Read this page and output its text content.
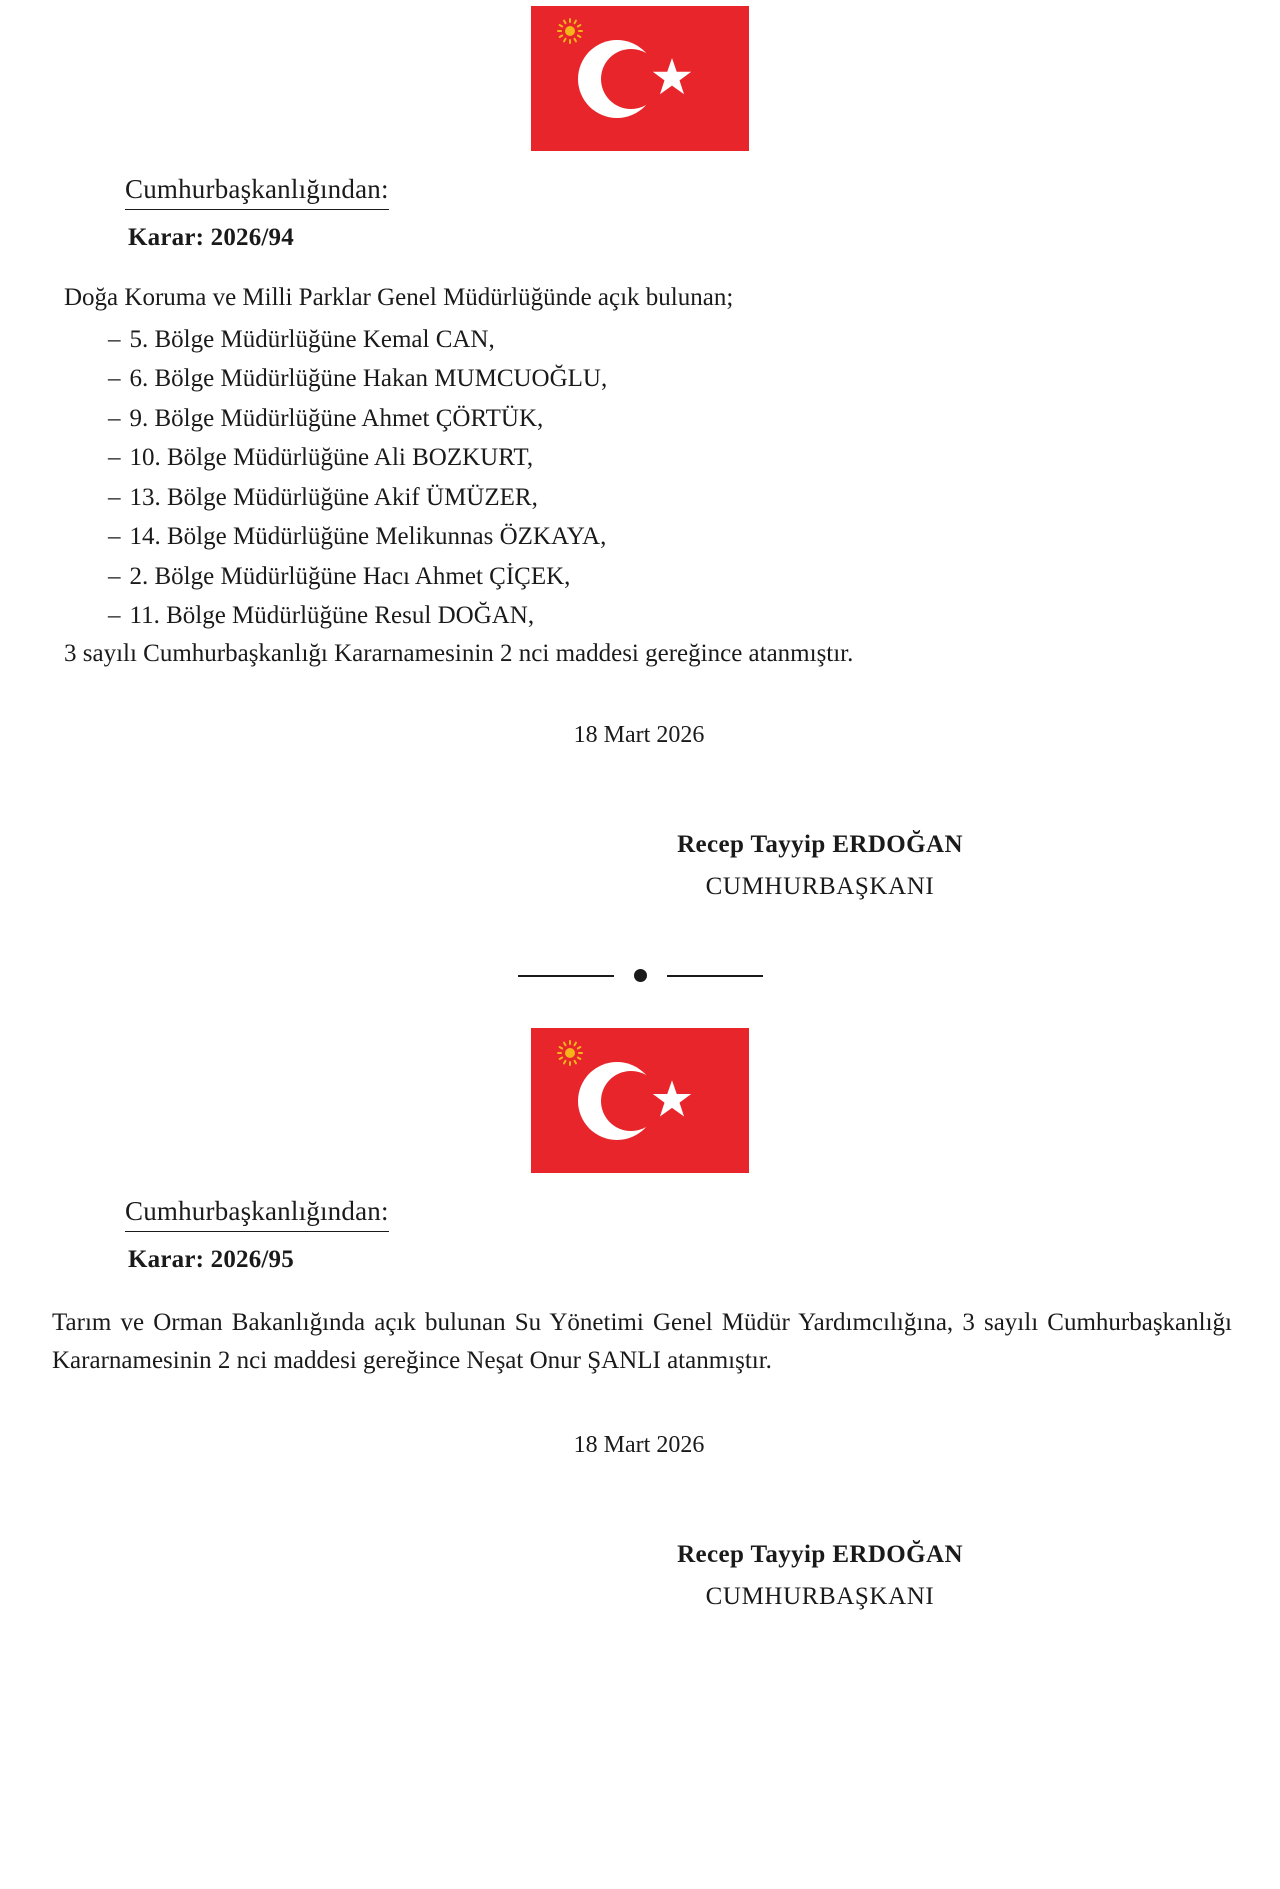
Cumhurbaşkanlığından:
Karar: 2026/94

Doğa Koruma ve Milli Parklar Genel Müdürlüğünde açık bulunan;

– 5. Bölge Müdürlüğüne Kemal CAN,
– 6. Bölge Müdürlüğüne Hakan MUMCUOĞLU,
– 9. Bölge Müdürlüğüne Ahmet ÇÖRTÜK,
– 10. Bölge Müdürlüğüne Ali BOZKURT,
– 13. Bölge Müdürlüğüne Akif ÜMÜZER,
– 14. Bölge Müdürlüğüne Melikunnas ÖZKAYA,
– 2. Bölge Müdürlüğüne Hacı Ahmet ÇİÇEK,
– 11. Bölge Müdürlüğüne Resul DOĞAN,

3 sayılı Cumhurbaşkanlığı Kararnamesinin 2 nci maddesi gereğince atanmıştır.

18 Mart 2026
Recep Tayyip ERDOĞAN
CUMHURBAŞKANI
Cumhurbaşkanlığından:
Karar: 2026/95

Tarım ve Orman Bakanlığında açık bulunan Su Yönetimi Genel Müdür Yardımcılığına, 3 sayılı Cumhurbaşkanlığı Kararnamesinin 2 nci maddesi gereğince Neşat Onur ŞANLI atanmıştır.

18 Mart 2026
Recep Tayyip ERDOĞAN
CUMHURBAŞKANI
